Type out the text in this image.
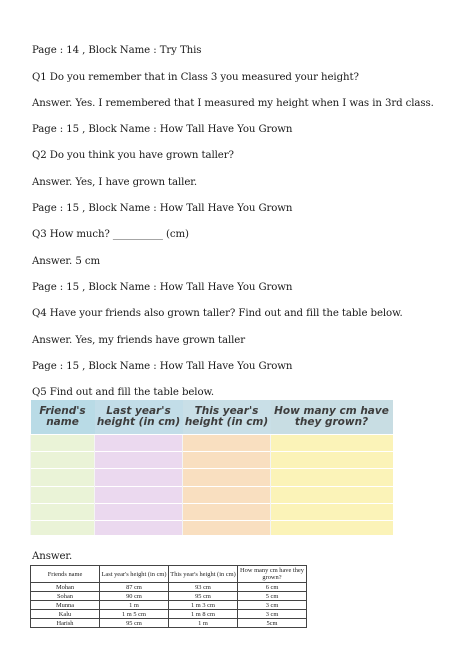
Page : 14 , Block Name : Try This
Q1 Do you remember that in Class 3 you measured your height?
Answer. Yes. I remembered that I measured my height when I was in 3rd class.
Page : 15 , Block Name : How Tall Have You Grown
Q2 Do you think you have grown taller?
Answer. Yes, I have grown taller.
Page : 15 , Block Name : How Tall Have You Grown
Q3 How much? __________ (cm)
Answer. 5 cm
Page : 15 , Block Name : How Tall Have You Grown
Q4 Have your friends also grown taller? Find out and fill the table below.
Answer. Yes, my friends have grown taller
Page : 15 , Block Name : How Tall Have You Grown
Q5 Find out and fill the table below.
Friend's name	Last year's height (in cm)	This year's height (in cm)	How many cm have they grown?

Answer.
Friends name	Last year's height (in cm)	This year's height (in cm)	How many cm have they grown?
Mohan	87 cm	93 cm	6 cm
Sohan	90 cm	95 cm	5 cm
Munna	1 m	1 m 3 cm	3 cm
Kalu	1 m 5 cm	1 m 8 cm	3 cm
Harish	95 cm	1 m	5cm
